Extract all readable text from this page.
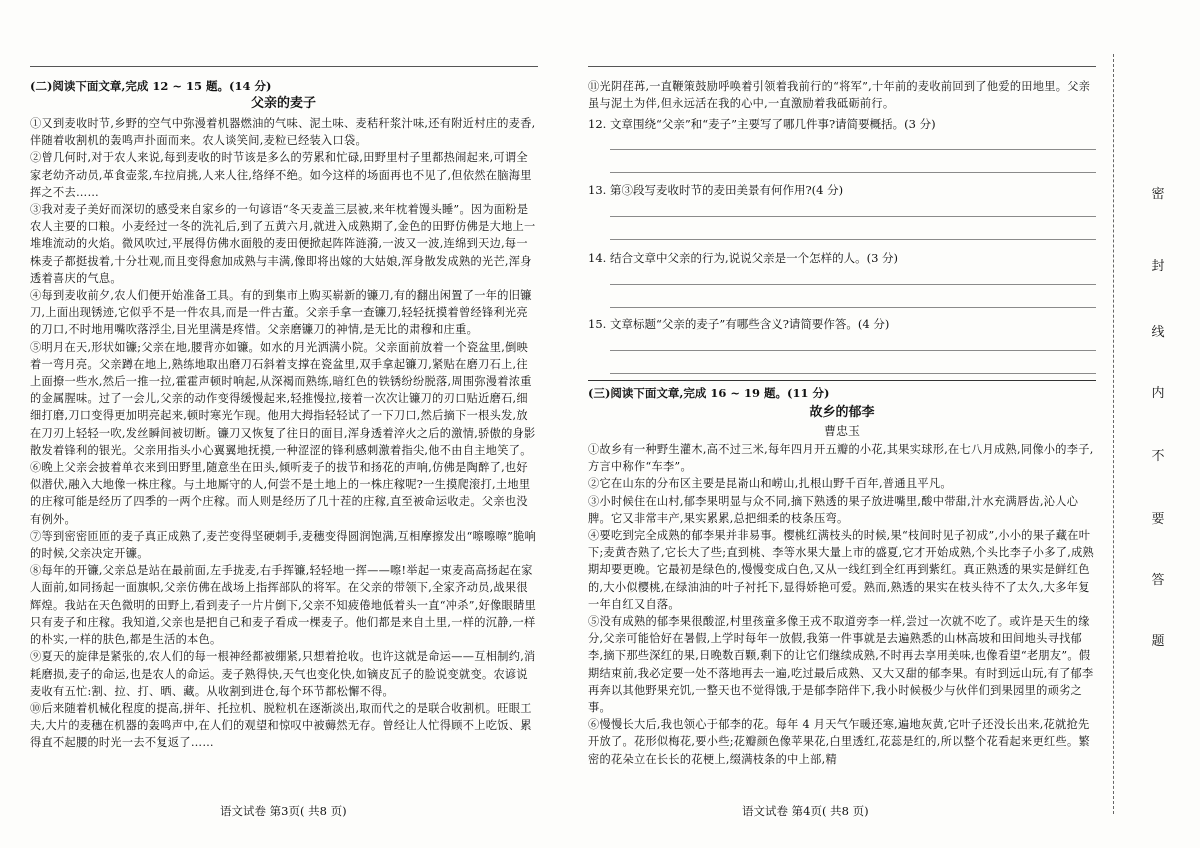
(二)阅读下面文章,完成 12 ~ 15 题。(14 分)
父亲的麦子

①又到麦收时节,乡野的空气中弥漫着机器燃油的气味、泥土味、麦秸秆浆汁味,还有附近村庄的麦香,伴随着收割机的轰鸣声扑面而来。农人谈笑间,麦粒已经装入口袋。

②曾几何时,对于农人来说,每到麦收的时节该是多么的劳累和忙碌,田野里村子里都热闹起来,可谓全家老幼齐动员,革食壶浆,车拉肩挑,人来人往,络绎不绝。如今这样的场面再也不见了,但依然在脑海里挥之不去……

③我对麦子美好而深切的感受来自家乡的一句谚语“冬天麦盖三层被,来年枕着馒头睡”。因为面粉是农人主要的口粮。小麦经过一冬的洗礼后,到了五黄六月,就进入成熟期了,金色的田野仿佛是大地上一堆堆流动的火焰。微风吹过,平展得仿佛水面般的麦田便掀起阵阵涟漪,一波又一波,连绵到天边,每一株麦子都挺拔着,十分壮观,而且变得愈加成熟与丰满,像即将出嫁的大姑娘,浑身散发成熟的光芒,浑身透着喜庆的气息。

④每到麦收前夕,农人们便开始准备工具。有的到集市上购买崭新的镰刀,有的翻出闲置了一年的旧镰刀,上面出现锈迹,它似乎不是一件农具,而是一件古董。父亲手拿一查镰刀,轻轻抚摸着曾经锋利光亮的刀口,不时地用嘴吹落浮尘,目光里满是疼惜。父亲磨镰刀的神情,是无比的肃穆和庄重。

⑤明月在天,形状如镰;父亲在地,腰背亦如镰。如水的月光洒满小院。父亲面前放着一个瓷盆里,倒映着一弯月亮。父亲蹲在地上,熟练地取出磨刀石斜着支撑在瓷盆里,双手拿起镰刀,紧贴在磨刀石上,往上面撩一些水,然后一推一拉,霍霍声顿时响起,从深褐而熟练,暗红色的铁锈纷纷脱落,周围弥漫着浓重的金属腥味。过了一会儿,父亲的动作变得缓慢起来,轻推慢拉,接着一次次让镰刀的刃口贴近磨石,细细打磨,刀口变得更加明亮起来,顿时寒光乍现。他用大拇指轻轻试了一下刀口,然后摘下一根头发,放在刀刃上轻轻一吹,发丝瞬间被切断。镰刀又恢复了往日的面目,浑身透着淬火之后的激情,骄傲的身影散发着锋利的银光。父亲用指头小心翼翼地抚摸,一种涩涩的锋利感刺激着指尖,他不由自主地笑了。

⑥晚上父亲会披着单衣来到田野里,随意坐在田头,倾听麦子的拔节和扬花的声响,仿佛是陶醉了,也好似潜伏,融入大地像一株庄稼。与土地厮守的人,何尝不是土地上的一株庄稼呢?一生摸爬滚打,土地里的庄稼可能是经历了四季的一两个庄稼。而人则是经历了几十茬的庄稼,直至被命运收走。父亲也没有例外。

⑦等到密密匝匝的麦子真正成熟了,麦芒变得坚硬刺手,麦穗变得圆润饱满,互相摩擦发出“嚓嚓嚓”脆响的时候,父亲决定开镰。

⑧每年的开镰,父亲总是站在最前面,左手拢麦,右手挥镰,轻轻地一挥——嚓!举起一束麦高高扬起在家人面前,如同扬起一面旗帜,父亲仿佛在战场上指挥部队的将军。在父亲的带领下,全家齐动员,战果很辉煌。我站在天色微明的田野上,看到麦子一片片倒下,父亲不知疲倦地低着头一直“冲杀”,好像眼睛里只有麦子和庄稼。我知道,父亲也是把自己和麦子看成一棵麦子。他们都是来自土里,一样的沉静,一样的朴实,一样的肤色,都是生活的本色。

⑨夏天的旋律是紧张的,农人们的每一根神经都被绷紧,只想着抢收。也许这就是命运——互相制约,消耗磨损,麦子的命运,也是农人的命运。麦子熟得快,天气也变化快,如镝皮瓦子的脸说变就变。农谚说麦收有五忙:割、拉、打、晒、藏。从收割到进仓,每个环节都松懈不得。

⑩后来随着机械化程度的提高,拼年、托拉机、脱粒机在逐渐淡出,取而代之的是联合收割机。旺眼工夫,大片的麦穗在机器的轰鸣声中,在人们的观望和惊叹中被薅然无存。曾经让人忙得顾不上吃饭、累得直不起腰的时光一去不复返了……

语文试卷 第3页( 共8 页)

⑪光阴荏苒,一直鞭策鼓励呼唤着引领着我前行的“将军”,十年前的麦收前回到了他爱的田地里。父亲虽与泥土为伴,但永远活在我的心中,一直激励着我砥砺前行。

12. 文章围绕“父亲”和“麦子”主要写了哪几件事?请简要概括。(3 分)
13. 第③段写麦收时节的麦田美景有何作用?(4 分)
14. 结合文章中父亲的行为,说说父亲是一个怎样的人。(3 分)
15. 文章标题“父亲的麦子”有哪些含义?请简要作答。(4 分)
(三)阅读下面文章,完成 16 ~ 19 题。(11 分)
故乡的郁李
曹忠玉

①故乡有一种野生灌木,高不过三米,每年四月开五瓣的小花,其果实球形,在七八月成熟,同像小的李子,方言中称作“车李”。

②它在山东的分布区主要是昆嵛山和崂山,扎根山野千百年,普通且平凡。

③小时候住在山村,郁李果明显与众不同,摘下熟透的果子放进嘴里,酸中带甜,汁水充满唇齿,沁人心脾。它又非常丰产,果实累累,总把细柔的枝条压弯。

④要吃到完全成熟的郁李果并非易事。樱桃红满枝头的时候,果“枝间时见子初成”,小小的果子藏在叶下;麦黄杏熟了,它长大了些;直到桃、李等水果大量上市的盛夏,它才开始成熟,个头比李子小多了,成熟期却要更晚。它最初是绿色的,慢慢变成白色,又从一线红到全红再到紫红。真正熟透的果实是鲜红色的,大小似樱桃,在绿油油的叶子衬托下,显得娇艳可爱。熟而,熟透的果实在枝头待不了太久,大多年复一年自红又自落。

⑤没有成熟的郁李果很酸涩,村里孩童多像王戎不取道旁李一样,尝过一次就不吃了。或许是天生的缘分,父亲可能恰好在暑假,上学时每年一放假,我第一件事就是去遍熟悉的山林高坡和田间地头寻找郁李,摘下那些深红的果,日晚数百颗,剩下的让它们继续成熟,不时再去享用美味,也像看望“老朋友”。假期结束前,我必定要一处不落地再去一遍,吃过最后成熟、又大又甜的郁李果。有时到远山玩,有了郁李再奔以其他野果充饥,一整天也不觉得饿,于是郁李陪伴下,我小时候极少与伙伴们到果园里的顽劣之事。

⑥慢慢长大后,我也领心于郁李的花。每年 4 月天气乍暖还寒,遍地灰黄,它叶子还没长出来,花就抢先开放了。花形似梅花,要小些;花瓣颜色像苹果花,白里透红,花蕊是红的,所以整个花看起来更红些。繁密的花朵立在长长的花梗上,缀满枝条的中上部,精

语文试卷 第4页( 共8 页)
密
封
线
内
不
要
答
题
